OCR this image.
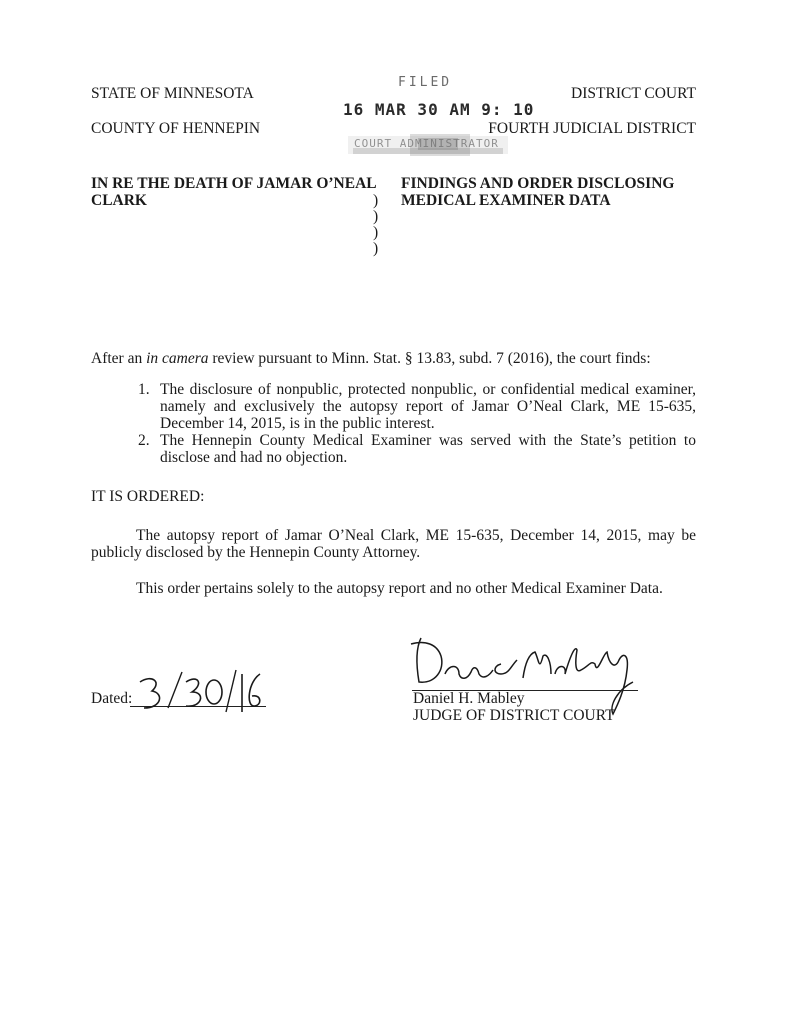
STATE OF MINNESOTA
COUNTY OF HENNEPIN
DISTRICT COURT
FOURTH JUDICIAL DISTRICT
FILED
16 MAR 30 AM 9: 10
COURT ADMINISTRATOR
IN RE THE DEATH OF JAMAR O’NEAL
CLARK	)
)
)
)
FINDINGS AND ORDER DISCLOSING
MEDICAL EXAMINER DATA
After an in camera review pursuant to Minn. Stat. § 13.83, subd. 7 (2016), the court finds:
1. The disclosure of nonpublic, protected nonpublic, or confidential medical examiner, namely and exclusively the autopsy report of Jamar O’Neal Clark, ME 15-635, December 14, 2015, is in the public interest.
2. The Hennepin County Medical Examiner was served with the State’s petition to disclose and had no objection.
IT IS ORDERED:
The autopsy report of Jamar O’Neal Clark, ME 15-635, December 14, 2015, may be publicly disclosed by the Hennepin County Attorney.
This order pertains solely to the autopsy report and no other Medical Examiner Data.
Dated:	Daniel H. Mabley
JUDGE OF DISTRICT COURT
